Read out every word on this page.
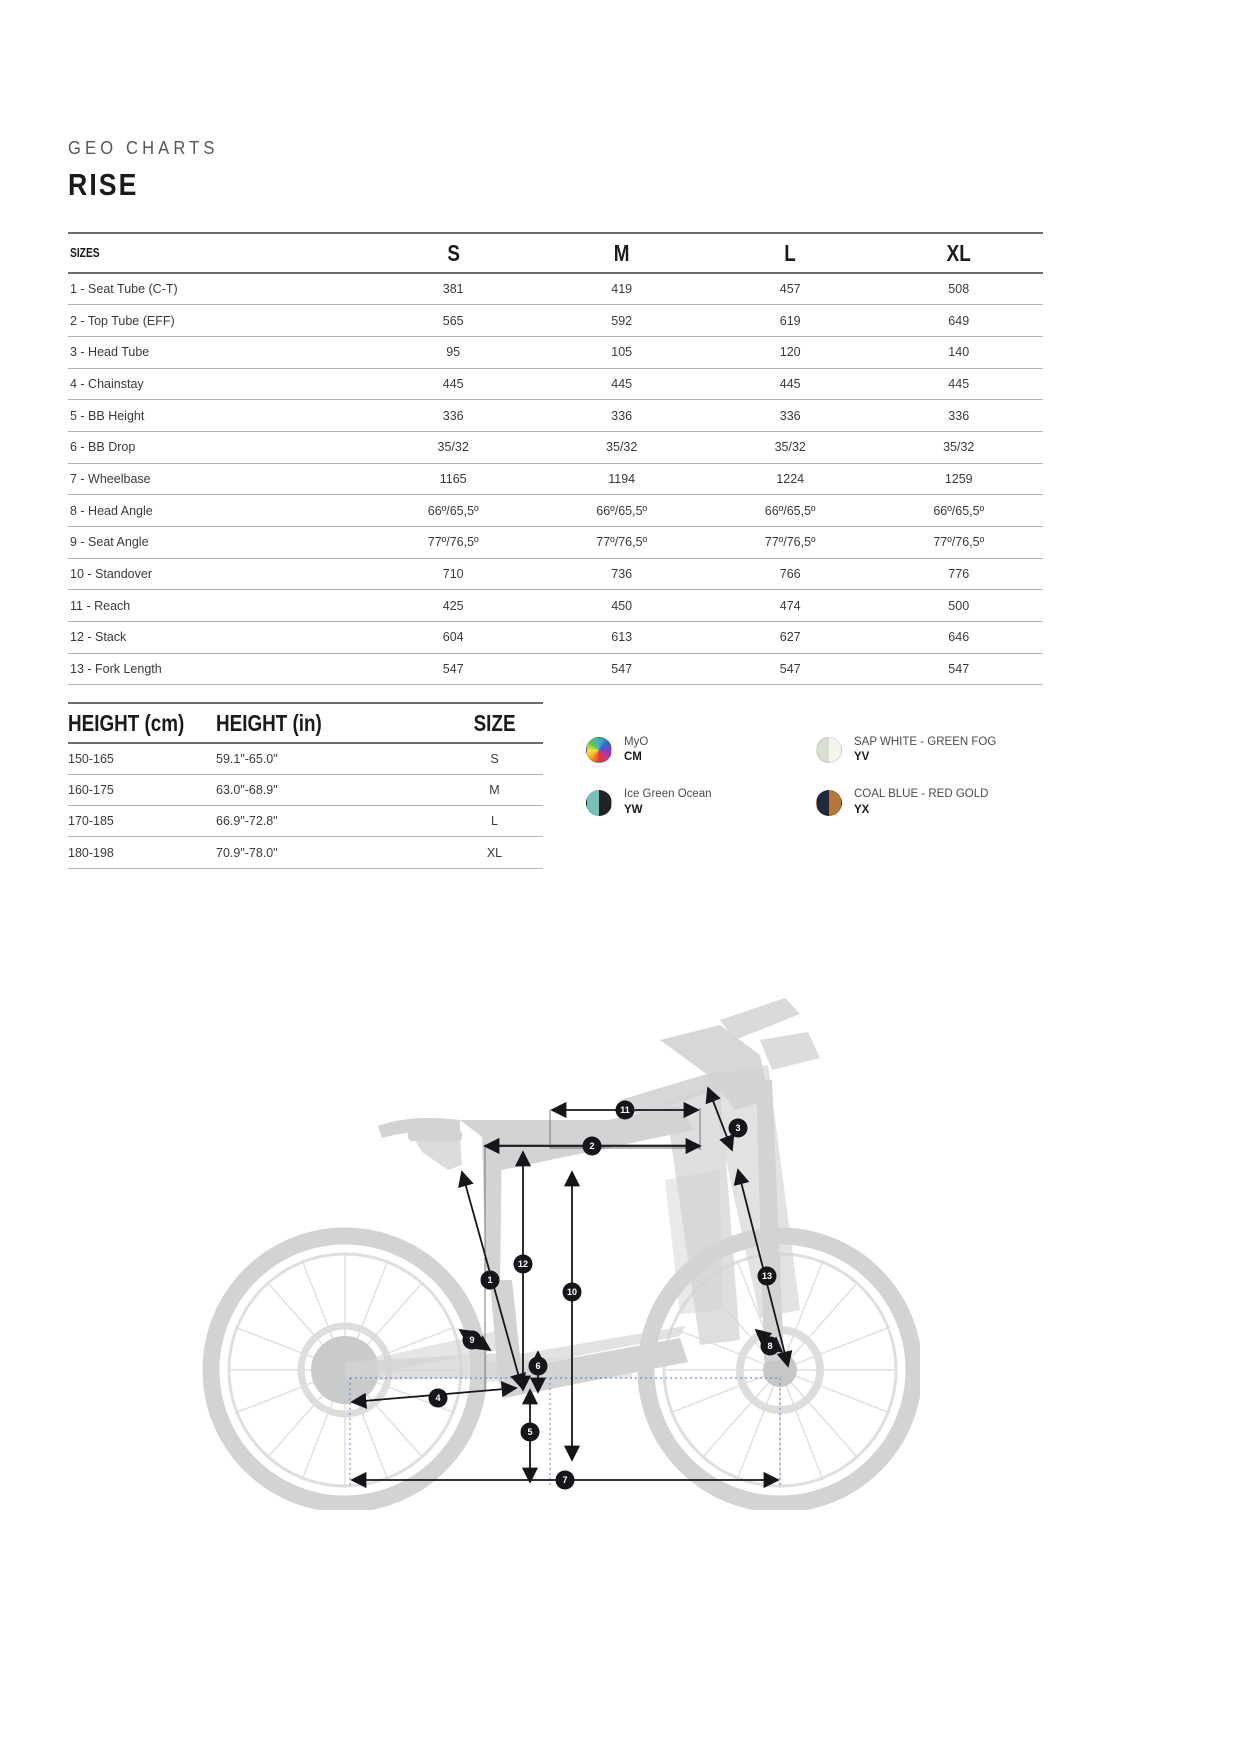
GEO CHARTS
RISE
SIZES	S	M	L	XL
1 - Seat Tube (C-T)	381	419	457	508
2 - Top Tube (EFF)	565	592	619	649
3 - Head Tube	95	105	120	140
4 - Chainstay	445	445	445	445
5 - BB Height	336	336	336	336
6 - BB Drop	35/32	35/32	35/32	35/32
7 - Wheelbase	1165	1194	1224	1259
8 - Head Angle	66º/65,5º	66º/65,5º	66º/65,5º	66º/65,5º
9 - Seat Angle	77º/76,5º	77º/76,5º	77º/76,5º	77º/76,5º
10 - Standover	710	736	766	776
11 - Reach	425	450	474	500
12 - Stack	604	613	627	646
13 - Fork Length	547	547	547	547
HEIGHT (cm)	HEIGHT (in)	SIZE
150-165	59.1"-65.0"	S
160-175	63.0"-68.9"	M
170-185	66.9"-72.8"	L
180-198	70.9"-78.0"	XL
MyO
CM
SAP WHITE - GREEN FOG
YV
Ice Green Ocean
YW
COAL BLUE - RED GOLD
YX
1
2
3
4
5
6
7
8
9
10
11
12
13
